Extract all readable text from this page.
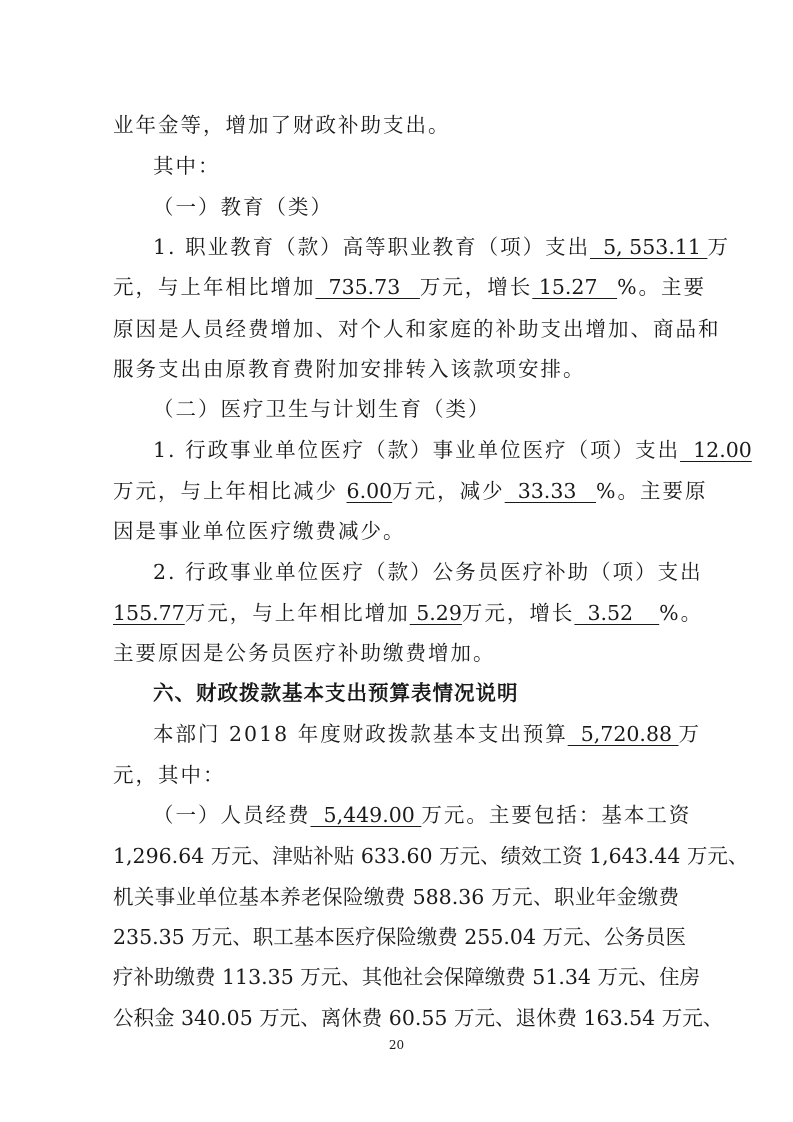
业年金等，增加了财政补助支出。
其中：
（一）教育（类）
1. 职业教育（款）高等职业教育（项）支出  5, 553.11 万
元，与上年相比增加  735.73   万元，增长 15.27   %。主要
原因是人员经费增加、对个人和家庭的补助支出增加、商品和
服务支出由原教育费附加安排转入该款项安排。
（二）医疗卫生与计划生育（类）
1. 行政事业单位医疗（款）事业单位医疗（项）支出  12.00
万元，与上年相比减少 6.00万元，减少  33.33   %。主要原
因是事业单位医疗缴费减少。
2. 行政事业单位医疗（款）公务员医疗补助（项）支出
155.77万元，与上年相比增加 5.29万元，增长  3.52    %。
主要原因是公务员医疗补助缴费增加。
六、财政拨款基本支出预算表情况说明
本部门 2018 年度财政拨款基本支出预算  5,720.88 万
元，其中：
（一）人员经费  5,449.00 万元。主要包括：基本工资
1,296.64 万元、津贴补贴 633.60 万元、绩效工资 1,643.44 万元、
机关事业单位基本养老保险缴费 588.36 万元、职业年金缴费
235.35 万元、职工基本医疗保险缴费 255.04 万元、公务员医
疗补助缴费 113.35 万元、其他社会保障缴费 51.34 万元、住房
公积金 340.05 万元、离休费 60.55 万元、退休费 163.54 万元、
20
